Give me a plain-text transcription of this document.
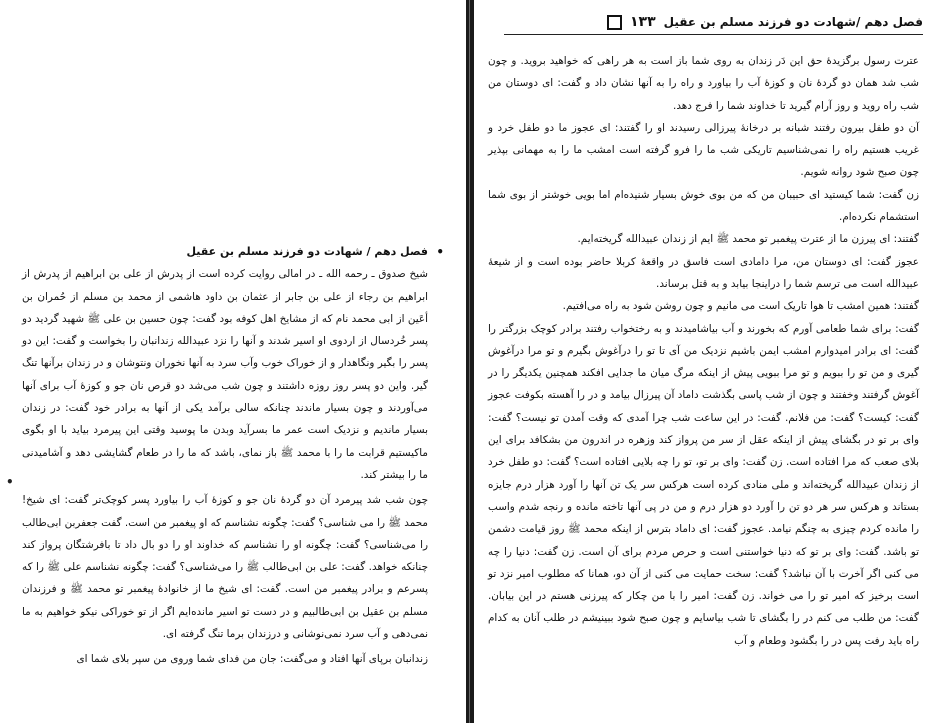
•

•
فصل دهم / شهادت دو فرزند مسلم بن عقیل

شیخ صدوق ـ رحمه الله ـ در امالی روایت کرده است از پدرش از علی بن ابراهیم از پدرش از ابراهیم بن رجاء از علی بن جابر از عثمان بن داود هاشمی از محمد بن مسلم از حُمران بن أعَین از ابی محمد نام که از مشایخ اهل کوفه بود گفت: چون حسین بن علی ﷺ شهید گردید دو پسر خُردسال از اردوی او اسیر شدند و آنها را نزد عبیدالله زندانبان را بخواست و گفت: این دو پسر را بگیر ونگاهدار و از خوراک خوب وآب سرد به آنها نخوران ونتوشان و در زندان برآنها تنگ گیر. واین دو پسر روز روزه داشتند و چون شب می‌شد دو قرص نان جو و کوزهٔ آب برای آنها می‌آوردند و چون بسیار ماندند چنانکه سالی برآمد یکی از آنها به برادر خود گفت: در زندان بسیار ماندیم و نزدیک است عمر ما بسرآید وبدن ما پوسید وقتی این پیرمرد بیاید با او بگوی ماکیستیم قرابت ما را با محمد ﷺ باز نمای، باشد که ما را در طعام گشایشی دهد و آشامیدنی ما را بیشتر کند.

چون شب شد پیرمرد آن دو گردهٔ نان جو و کوزهٔ آب را بیاورد پسر کوچک‌تر گفت: ای شیخ! محمد ﷺ را می شناسی؟ گفت: چگونه نشناسم که او پیغمبر من است. گفت جعفربن ابی‌طالب را می‌شناسی؟ گفت: چگونه او را نشناسم که خداوند او را دو بال داد تا بافرشتگان پرواز کند چنانکه خواهد. گفت: علی بن ابی‌طالب ﷺ را می‌شناسی؟ گفت: چگونه نشناسم علی ﷺ را که پسرعم و برادر پیغمبر من است. گفت: ای شیخ ما از خانوادهٔ پیغمبر تو محمد ﷺ و فرزندان مسلم بن عقیل بن ابی‌طالبیم و در دست تو اسیر مانده‌ایم اگر از تو خوراکی نیکو خواهیم به ما نمی‌دهی و آب سرد نمی‌نوشانی و درزندان برما تنگ گرفته ای.

زندانبان برپای آنها افتاد و می‌گفت: جان من فدای شما وروی من سپر بلای شما ای

فصل دهم /شهادت دو فرزند مسلم بن عقیل
۱۳۳

عترت رسول برگزیدهٔ حق این دَر زندان به روی شما باز است به هر راهی که خواهید بروید. و چون شب شد همان دو گردهٔ نان و کوزهٔ آب را بیاورد و راه را به آنها نشان داد و گفت: ای دوستان من شب راه روید و روز آرام گیرید تا خداوند شما را فرج دهد.

آن دو طفل بیرون رفتند شبانه بر درخانهٔ پیرزالی رسیدند او را گفتند: ای عجوز ما دو طفل خرد و غریب هستیم راه را نمی‌شناسیم تاریکی شب ما را فرو گرفته است امشب ما را به مهمانی بپذیر چون صبح شود روانه شویم.

زن گفت: شما کیستید ای حبیبان من که من بوی خوش بسیار شنیده‌ام اما بویی خوشتر از بوی شما استشمام نکرده‌ام.

گفتند: ای پیرزن ما از عترت پیغمبر تو محمد ﷺ ایم از زندان عبیدالله گریخته‌ایم.

عجوز گفت: ای دوستان من، مرا دامادی است فاسق در واقعهٔ کربلا حاضر بوده است و از شیعهٔ عبیدالله است می ترسم شما را دراینجا بیابد و به قتل برساند.

گفتند: همین امشب تا هوا تاریک است می مانیم و چون روشن شود به راه می‌افتیم.

گفت: برای شما طعامی آورم که بخورند و آب بیاشامیدند و به رختخواب رفتند برادر کوچک بزرگتر را گفت: ای برادر امیدوارم امشب ایمن باشیم نزدیک من آی تا تو را درآغوش بگیرم و تو مرا درآغوش گیری و من تو را ببویم و تو مرا ببویی پیش از اینکه مرگ میان ما جدایی افکند همچنین یکدیگر را در آغوش گرفتند وخفتند و چون از شب پاسی بگذشت داماد آن پیرزال بیامد و در را آهسته بکوفت عجوز گفت: کیست؟ گفت: من فلانم. گفت: در این ساعت شب چرا آمدی که وقت آمدن تو نیست؟ گفت: وای بر تو در بگشای پیش از اینکه عقل از سر من پرواز کند وزهره در اندرون من بشکافد برای این بلای صعب که مرا افتاده است. زن گفت: وای بر تو، تو را چه بلایی افتاده است؟ گفت: دو طفل خرد از زندان عبیدالله گریخته‌اند و ملی منادی کرده است هرکس سر یک تن آنها را آورد هزار درم جایزه بستاند و هرکس سر هر دو تن را آورد دو هزار درم و من در پی آنها تاخته مانده و رنجه شدم واسب را مانده کردم چیزی به چنگم نیامد. عجوز گفت: ای داماد بترس از اینکه محمد ﷺ روز قیامت دشمن تو باشد. گفت: وای بر تو که دنیا خواستنی است و حرص مردم برای آن است. زن گفت: دنیا را چه می کنی اگر آخرت با آن نباشد؟ گفت: سخت حمایت می کنی از آن دو، همانا که مطلوب امیر نزد تو است برخیز که امیر تو را می خواند. زن گفت: امیر را با من چکار که پیرزنی هستم در این بیابان. گفت: من طلب می کنم در را بگشای تا شب بیاسایم و چون صبح شود ببینیشم در طلب آنان به کدام راه باید رفت پس در را بگشود وطعام و آب
